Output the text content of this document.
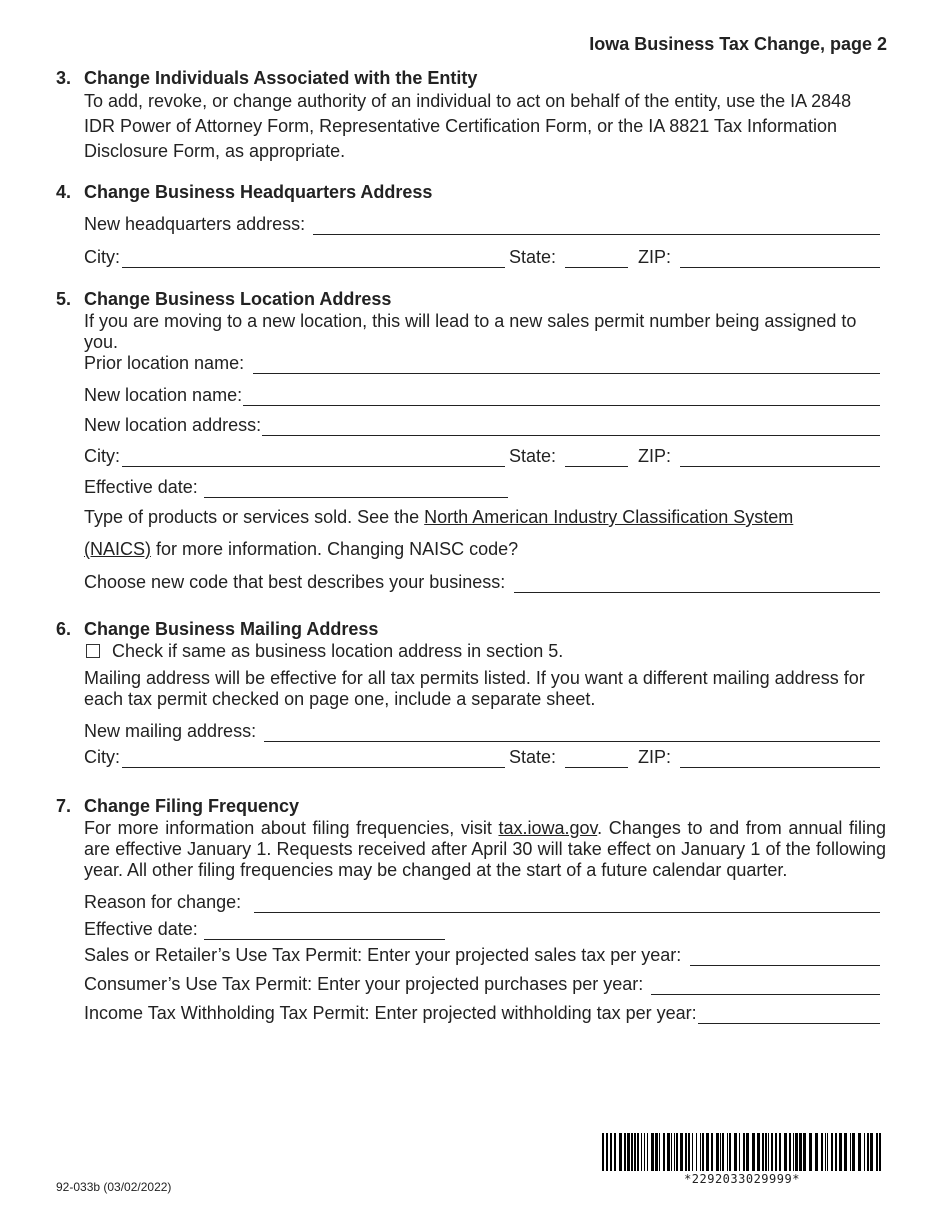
Iowa Business Tax Change, page 2
3. Change Individuals Associated with the Entity
To add, revoke, or change authority of an individual to act on behalf of the entity, use the IA 2848 IDR Power of Attorney Form, Representative Certification Form, or the IA 8821 Tax Information Disclosure Form, as appropriate.
4. Change Business Headquarters Address
New headquarters address:
City:	State:	ZIP:
5. Change Business Location Address
If you are moving to a new location, this will lead to a new sales permit number being assigned to you.
Prior location name:
New location name:
New location address:
City:	State:	ZIP:
Effective date:
Type of products or services sold. See the North American Industry Classification System
(NAICS) for more information. Changing NAISC code?
Choose new code that best describes your business:
6. Change Business Mailing Address
Check if same as business location address in section 5.
Mailing address will be effective for all tax permits listed. If you want a different mailing address for each tax permit checked on page one, include a separate sheet.
New mailing address:
City:	State:	ZIP:
7. Change Filing Frequency
For more information about filing frequencies, visit tax.iowa.gov. Changes to and from annual filing are effective January 1. Requests received after April 30 will take effect on January 1 of the following year. All other filing frequencies may be changed at the start of a future calendar quarter.
Reason for change:
Effective date:
Sales or Retailer’s Use Tax Permit: Enter your projected sales tax per year:
Consumer’s Use Tax Permit: Enter your projected purchases per year:
Income Tax Withholding Tax Permit: Enter projected withholding tax per year:
92-033b (03/02/2022)
*2292033029999*
